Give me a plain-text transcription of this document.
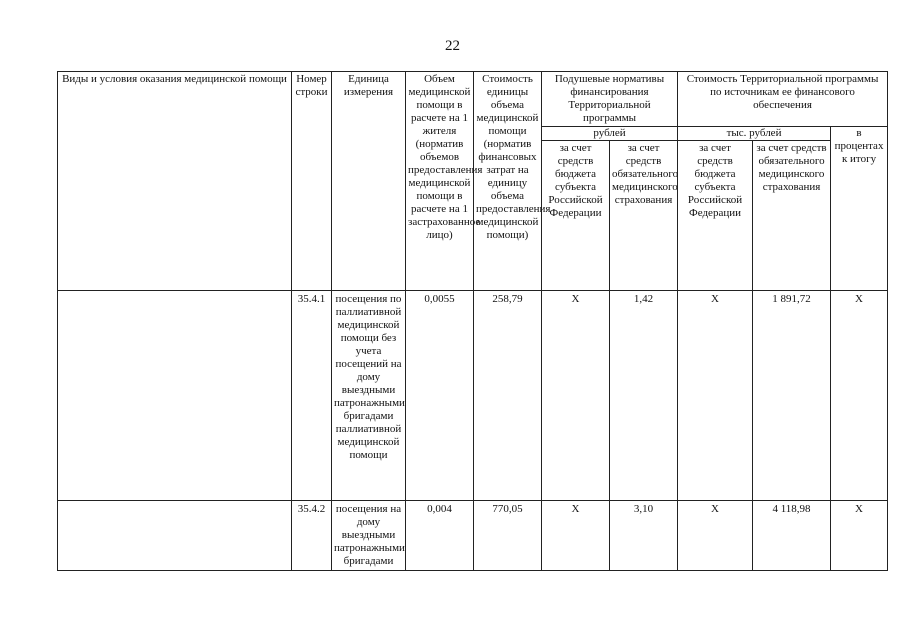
22
Виды и условия оказания медицинской помощи	Номер строки	Единица измерения	Объем медицинской помощи в расчете на 1 жителя (норматив объемов предоставления медицинской помощи в расчете на 1 застрахованное лицо)	Стоимость единицы объема медицинской помощи (норматив финансовых затрат на единицу объема предоставления медицинской помощи)	Подушевые нормативы финансирования Территориальной программы		Стоимость Территориальной программы по источникам ее финансового обеспечения		
					рублей		тыс. рублей		в процентах к итогу
					за счет средств бюджета субъекта Российской Федерации	за счет средств обязательного медицинского страхования	за счет средств бюджета субъекта Российской Федерации	за счет средств обязательного медицинского страхования	
	35.4.1	посещения по паллиативной медицинской помощи без учета посещений на дому выездными патронажными бригадами паллиативной медицинской помощи	0,0055	258,79	X	1,42	X	1 891,72	X
	35.4.2	посещения на дому выездными патронажными бригадами	0,004	770,05	X	3,10	X	4 118,98	X
